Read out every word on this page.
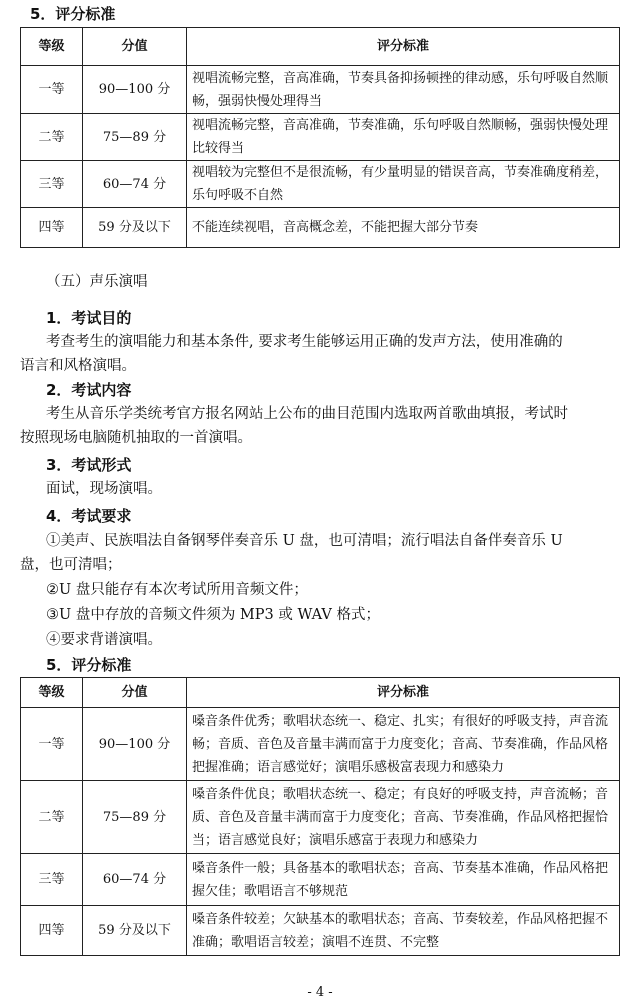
5．评分标准
等级	分值	评分标准
一等	90—100 分	视唱流畅完整，音高准确，节奏具备抑扬顿挫的律动感，乐句呼吸自然顺畅，强弱快慢处理得当
二等	75—89 分	视唱流畅完整，音高准确，节奏准确，乐句呼吸自然顺畅，强弱快慢处理比较得当
三等	60—74 分	视唱较为完整但不是很流畅，有少量明显的错误音高，节奏准确度稍差，乐句呼吸不自然
四等	59 分及以下	不能连续视唱，音高概念差，不能把握大部分节奏
（五）声乐演唱
1．考试目的
考查考生的演唱能力和基本条件, 要求考生能够运用正确的发声方法，使用准确的
语言和风格演唱。
2．考试内容
考生从音乐学类统考官方报名网站上公布的曲目范围内选取两首歌曲填报，考试时
按照现场电脑随机抽取的一首演唱。
3．考试形式
面试，现场演唱。
4．考试要求
①美声、民族唱法自备钢琴伴奏音乐 U 盘，也可清唱；流行唱法自备伴奏音乐 U
盘，也可清唱；
②U 盘只能存有本次考试所用音频文件；
③U 盘中存放的音频文件须为 MP3 或 WAV 格式；
④要求背谱演唱。
5．评分标准
等级	分值	评分标准
一等	90—100 分	嗓音条件优秀；歌唱状态统一、稳定、扎实；有很好的呼吸支持，声音流畅；音质、音色及音量丰满而富于力度变化；音高、节奏准确，作品风格把握准确；语言感觉好；演唱乐感极富表现力和感染力
二等	75—89 分	嗓音条件优良；歌唱状态统一、稳定；有良好的呼吸支持，声音流畅；音质、音色及音量丰满而富于力度变化；音高、节奏准确，作品风格把握恰当；语言感觉良好；演唱乐感富于表现力和感染力
三等	60—74 分	嗓音条件一般；具备基本的歌唱状态；音高、节奏基本准确，作品风格把握欠佳；歌唱语言不够规范
四等	59 分及以下	嗓音条件较差；欠缺基本的歌唱状态；音高、节奏较差，作品风格把握不准确；歌唱语言较差；演唱不连贯、不完整
- 4 -
